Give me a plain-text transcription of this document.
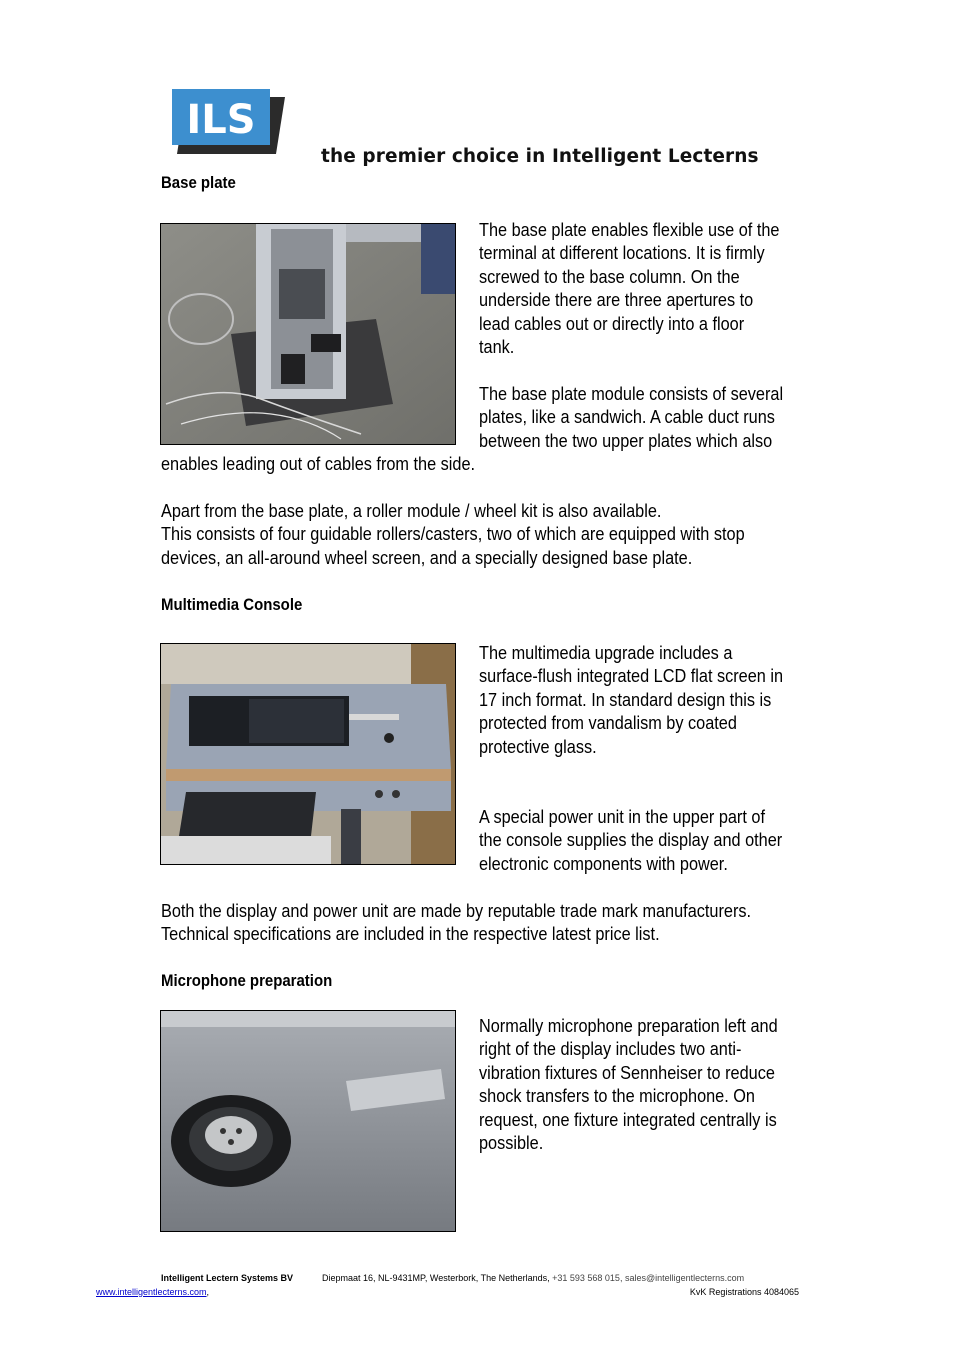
ILS
the premier choice in Intelligent Lecterns
Base plate
The base plate enables flexible use of the
terminal at different locations. It is firmly
screwed to the base column. On the
underside there are three apertures to
lead cables out or directly into a floor
tank.

The base plate module consists of several
plates, like a sandwich. A cable duct runs
between the two upper plates which also
enables leading out of cables from the side.
Apart from the base plate, a roller module / wheel kit is also available.
This consists of four guidable rollers/casters, two of which are equipped with stop
devices, an all-around wheel screen, and a specially designed base plate.
Multimedia Console
The multimedia upgrade includes a
surface-flush integrated LCD flat screen in
17 inch format. In standard design this is
protected from vandalism by coated
protective glass.
A special power unit in the upper part of
the console supplies the display and other
electronic components with power.
Both the display and power unit are made by reputable trade mark manufacturers.
Technical specifications are included in the respective latest price list.
Microphone preparation
Normally microphone preparation left and
right of the display includes two anti-
vibration fixtures of Sennheiser to reduce
shock transfers to the microphone. On
request, one fixture integrated centrally is
possible.
Intelligent Lectern Systems BV	Diepmaat 16, NL-9431MP, Westerbork, The Netherlands, +31 593 568 015, sales@intelligentlecterns.com
www.intelligentlecterns.com,	KvK Registrations 4084065
